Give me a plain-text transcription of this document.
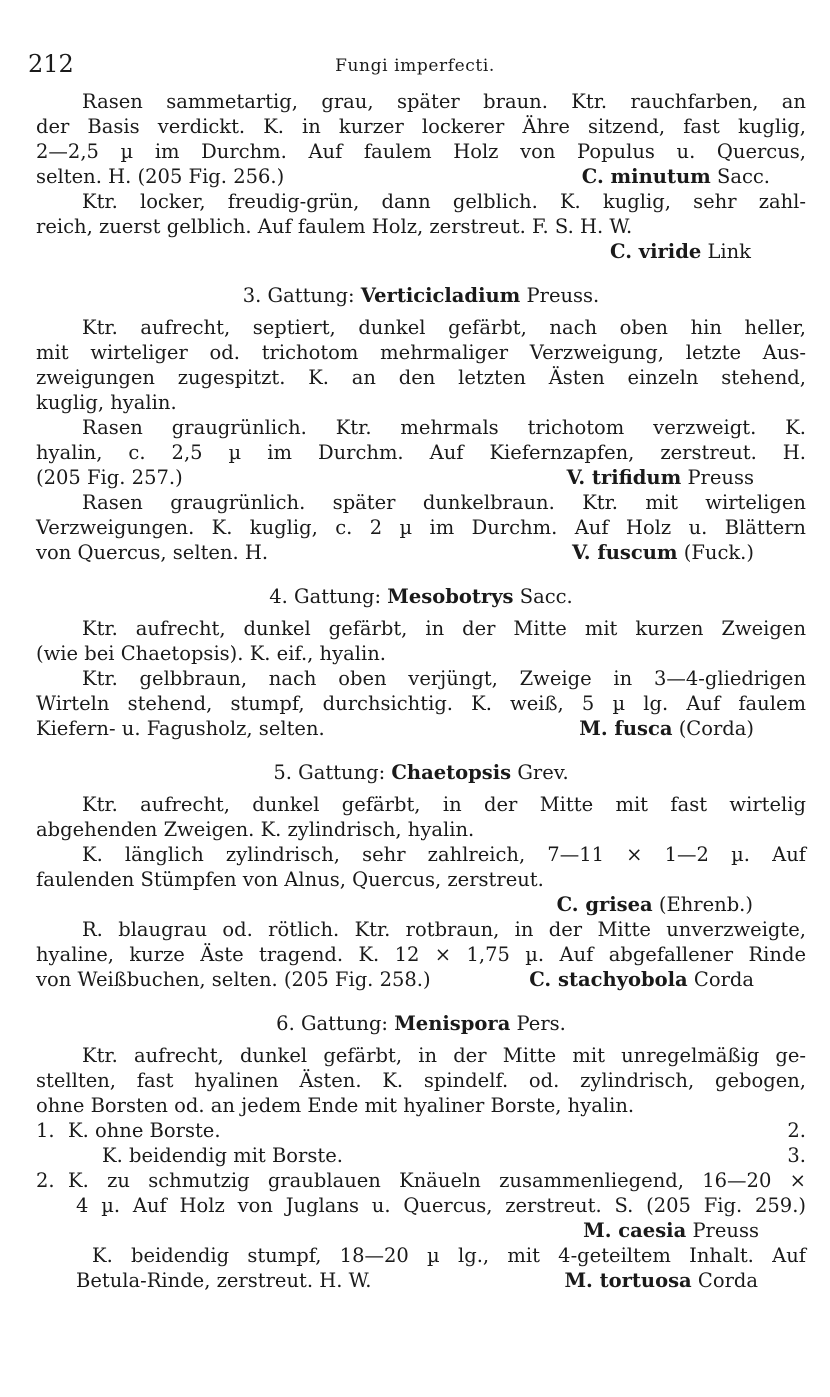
212	Fungi imperfecti.
Rasen sammetartig, grau, später braun. Ktr. rauchfarben, an
der Basis verdickt. K. in kurzer lockerer Ähre sitzend, fast kuglig,
2—2,5 µ im Durchm. Auf faulem Holz von Populus u. Quercus,
selten. H. (205 Fig. 256.)	C. minutum Sacc.
Ktr. locker, freudig-grün, dann gelblich. K. kuglig, sehr zahl-
reich, zuerst gelblich. Auf faulem Holz, zerstreut. F. S. H. W.
C. viride Link
3. Gattung: Verticicladium Preuss.
Ktr. aufrecht, septiert, dunkel gefärbt, nach oben hin heller,
mit wirteliger od. trichotom mehrmaliger Verzweigung, letzte Aus-
zweigungen zugespitzt. K. an den letzten Ästen einzeln stehend,
kuglig, hyalin.
Rasen graugrünlich. Ktr. mehrmals trichotom verzweigt. K.
hyalin, c. 2,5 µ im Durchm. Auf Kiefernzapfen, zerstreut. H.
(205 Fig. 257.)	V. trifidum Preuss
Rasen graugrünlich. später dunkelbraun. Ktr. mit wirteligen
Verzweigungen. K. kuglig, c. 2 µ im Durchm. Auf Holz u. Blättern
von Quercus, selten. H.	V. fuscum (Fuck.)
4. Gattung: Mesobotrys Sacc.
Ktr. aufrecht, dunkel gefärbt, in der Mitte mit kurzen Zweigen
(wie bei Chaetopsis). K. eif., hyalin.
Ktr. gelbbraun, nach oben verjüngt, Zweige in 3—4-gliedrigen
Wirteln stehend, stumpf, durchsichtig. K. weiß, 5 µ lg. Auf faulem
Kiefern- u. Fagusholz, selten.	M. fusca (Corda)
5. Gattung: Chaetopsis Grev.
Ktr. aufrecht, dunkel gefärbt, in der Mitte mit fast wirtelig
abgehenden Zweigen. K. zylindrisch, hyalin.
K. länglich zylindrisch, sehr zahlreich, 7—11 × 1—2 µ. Auf
faulenden Stümpfen von Alnus, Quercus, zerstreut.
C. grisea (Ehrenb.)
R. blaugrau od. rötlich. Ktr. rotbraun, in der Mitte unverzweigte,
hyaline, kurze Äste tragend. K. 12 × 1,75 µ. Auf abgefallener Rinde
von Weißbuchen, selten. (205 Fig. 258.)	C. stachyobola Corda
6. Gattung: Menispora Pers.
Ktr. aufrecht, dunkel gefärbt, in der Mitte mit unregelmäßig ge-
stellten, fast hyalinen Ästen. K. spindelf. od. zylindrisch, gebogen,
ohne Borsten od. an jedem Ende mit hyaliner Borste, hyalin.
1. K. ohne Borste.	2.
K. beidendig mit Borste.	3.
2. K. zu schmutzig graublauen Knäueln zusammenliegend, 16—20 ×
4 µ. Auf Holz von Juglans u. Quercus, zerstreut. S. (205 Fig. 259.)
M. caesia Preuss
K. beidendig stumpf, 18—20 µ lg., mit 4-geteiltem Inhalt. Auf
Betula-Rinde, zerstreut. H. W.	M. tortuosa Corda
